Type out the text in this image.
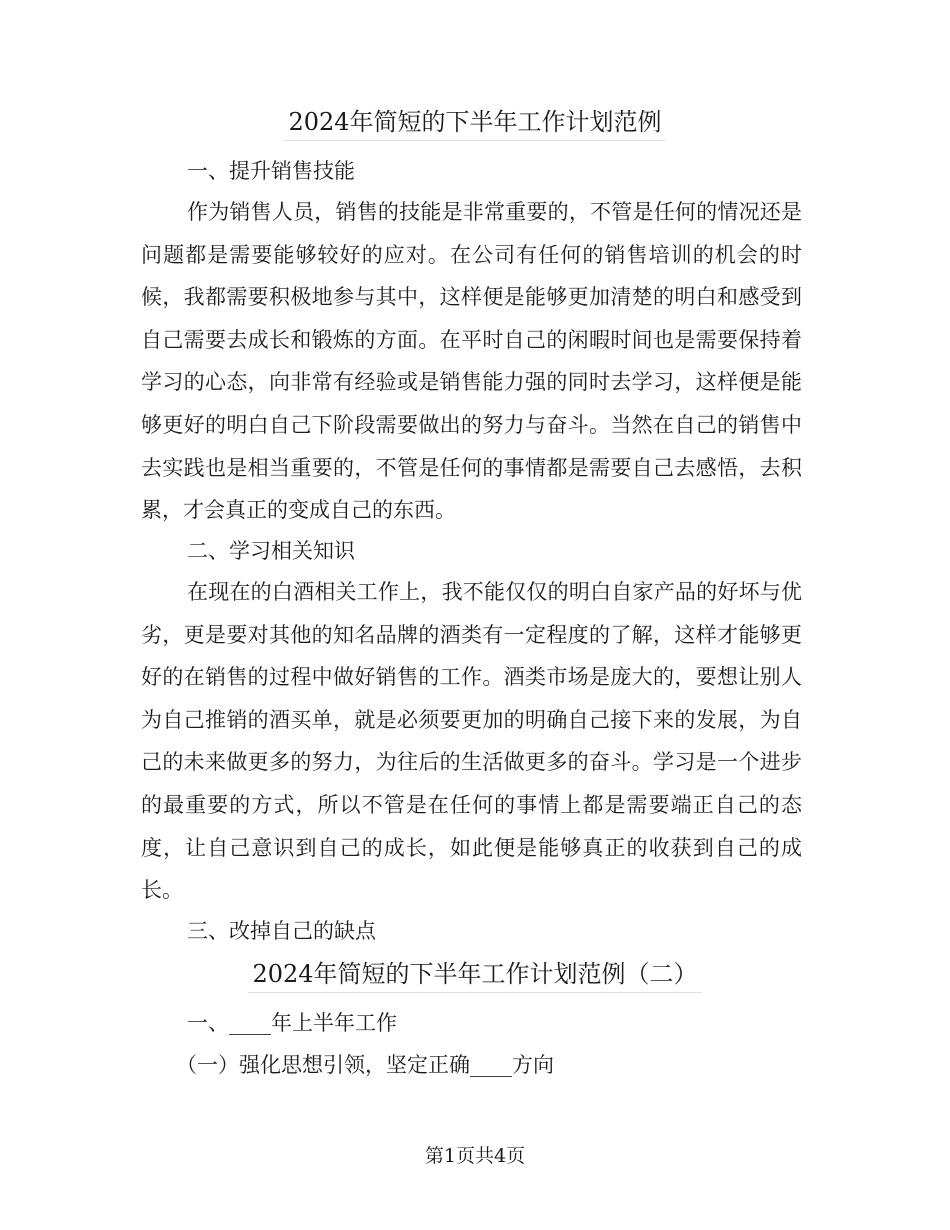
2024年简短的下半年工作计划范例
一、提升销售技能
作为销售人员，销售的技能是非常重要的，不管是任何的情况还是问题都是需要能够较好的应对。在公司有任何的销售培训的机会的时候，我都需要积极地参与其中，这样便是能够更加清楚的明白和感受到自己需要去成长和锻炼的方面。在平时自己的闲暇时间也是需要保持着学习的心态，向非常有经验或是销售能力强的同时去学习，这样便是能够更好的明白自己下阶段需要做出的努力与奋斗。当然在自己的销售中去实践也是相当重要的，不管是任何的事情都是需要自己去感悟，去积累，才会真正的变成自己的东西。
二、学习相关知识
在现在的白酒相关工作上，我不能仅仅的明白自家产品的好坏与优劣，更是要对其他的知名品牌的酒类有一定程度的了解，这样才能够更好的在销售的过程中做好销售的工作。酒类市场是庞大的，要想让别人为自己推销的酒买单，就是必须要更加的明确自己接下来的发展，为自己的未来做更多的努力，为往后的生活做更多的奋斗。学习是一个进步的最重要的方式，所以不管是在任何的事情上都是需要端正自己的态度，让自己意识到自己的成长，如此便是能够真正的收获到自己的成长。
三、改掉自己的缺点
2024年简短的下半年工作计划范例（二）
一、____年上半年工作
（一）强化思想引领，坚定正确____方向
第1页共4页
